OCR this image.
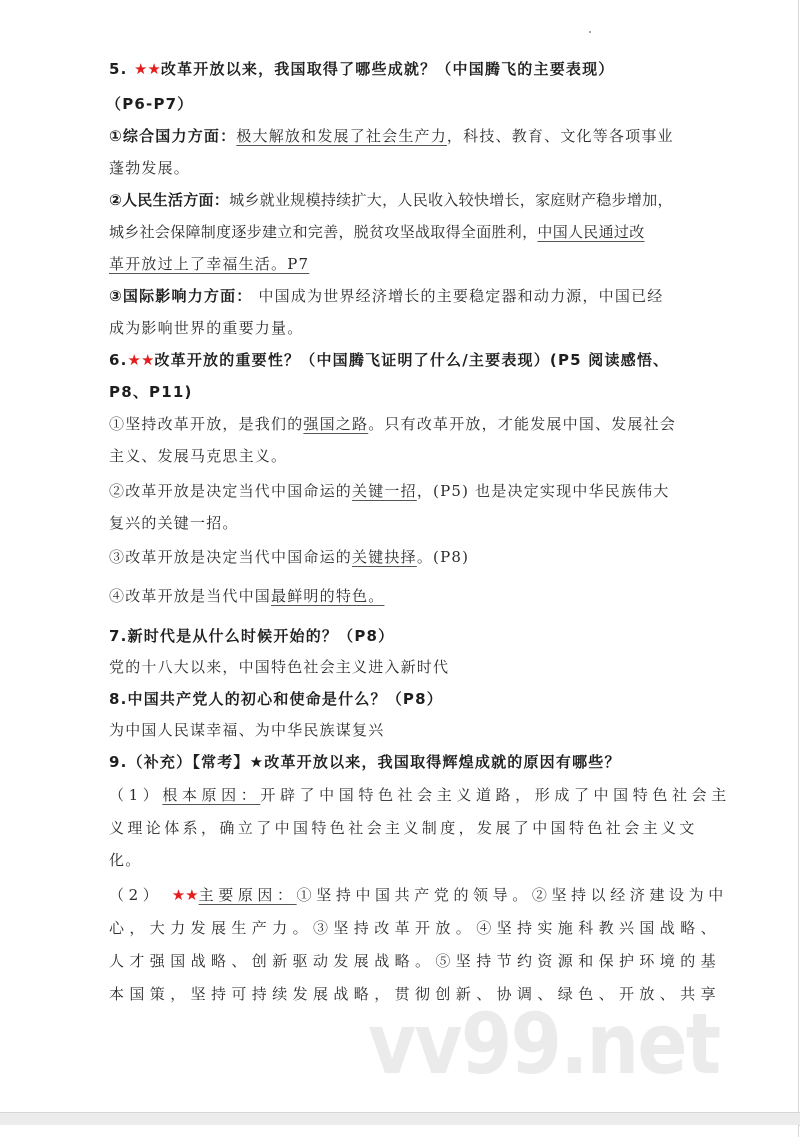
5. ★★改革开放以来，我国取得了哪些成就？（中国腾飞的主要表现）
（P6-P7）
①综合国力方面：极大解放和发展了社会生产力，科技、教育、文化等各项事业
蓬勃发展。
②人民生活方面：城乡就业规模持续扩大，人民收入较快增长，家庭财产稳步增加，
城乡社会保障制度逐步建立和完善，脱贫攻坚战取得全面胜利，中国人民通过改
革开放过上了幸福生活。P7
③国际影响力方面： 中国成为世界经济增长的主要稳定器和动力源，中国已经
成为影响世界的重要力量。
6.★★改革开放的重要性？（中国腾飞证明了什么/主要表现）(P5 阅读感悟、
P8、P11)
①坚持改革开放，是我们的强国之路。只有改革开放，才能发展中国、发展社会
主义、发展马克思主义。
②改革开放是决定当代中国命运的关键一招，(P5) 也是决定实现中华民族伟大
复兴的关键一招。
③改革开放是决定当代中国命运的关键抉择。(P8)
④改革开放是当代中国最鲜明的特色。
7.新时代是从什么时候开始的？（P8）
党的十八大以来，中国特色社会主义进入新时代
8.中国共产党人的初心和使命是什么？（P8）
为中国人民谋幸福、为中华民族谋复兴
9.（补充）【常考】★改革开放以来，我国取得辉煌成就的原因有哪些？
（1）根本原因：开辟了中国特色社会主义道路，形成了中国特色社会主
义理论体系，确立了中国特色社会主义制度，发展了中国特色社会主义文
化。
（2） ★★主要原因：①坚持中国共产党的领导。②坚持以经济建设为中
心，大力发展生产力。③坚持改革开放。④坚持实施科教兴国战略、
人才强国战略、创新驱动发展战略。⑤坚持节约资源和保护环境的基
本国策，坚持可持续发展战略，贯彻创新、协调、绿色、开放、共享
vv99.net
